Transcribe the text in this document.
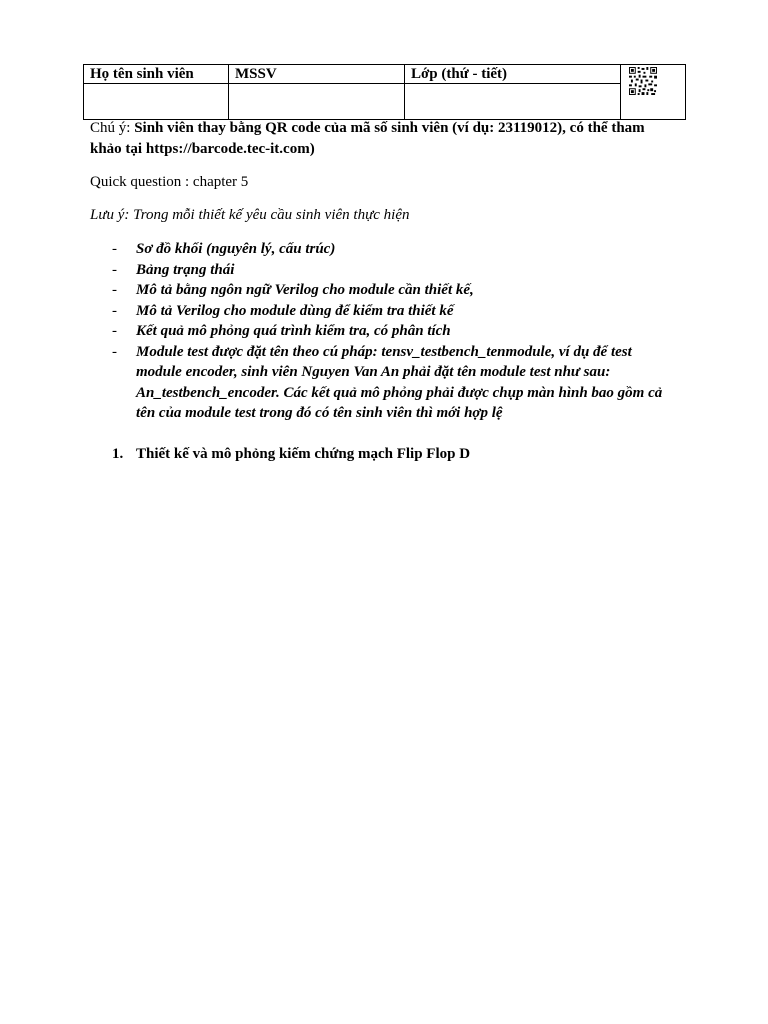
Họ tên sinh viên	MSSV	Lớp (thứ - tiết)	

Chú ý: Sinh viên thay bằng QR code của mã số sinh viên (ví dụ: 23119012), có thể tham khảo tại https://barcode.tec-it.com)
Quick question : chapter 5
Lưu ý: Trong mỗi thiết kế yêu cầu sinh viên thực hiện
- Sơ đồ khối (nguyên lý, cấu trúc)
- Bảng trạng thái
- Mô tả bằng ngôn ngữ Verilog cho module cần thiết kế,
- Mô tả Verilog cho module dùng để kiểm tra thiết kế
- Kết quả mô phỏng quá trình kiểm tra, có phân tích
- Module test được đặt tên theo cú pháp: tensv_testbench_tenmodule, ví dụ để test module encoder, sinh viên Nguyen Van An phải đặt tên module test như sau: An_testbench_encoder. Các kết quả mô phỏng phải được chụp màn hình bao gồm cả tên của module test trong đó có tên sinh viên thì mới hợp lệ
1. Thiết kế và mô phỏng kiếm chứng mạch Flip Flop D
